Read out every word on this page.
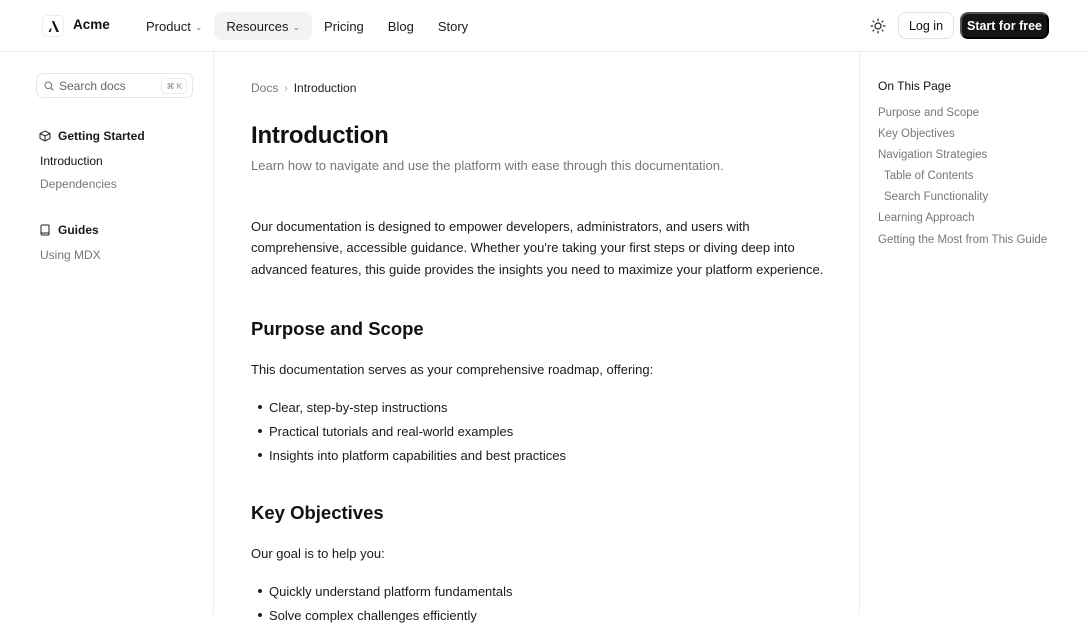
Acme	Product ⌄ Resources ⌄ Pricing Blog Story	Log in	Start for free
Search docs	⌘ K
Getting Started
Introduction
Dependencies
Guides
Using MDX
Docs › Introduction
Introduction

Learn how to navigate and use the platform with ease through this documentation.

Our documentation is designed to empower developers, administrators, and users with comprehensive, accessible guidance. Whether you're taking your first steps or diving deep into advanced features, this guide provides the insights you need to maximize your platform experience.

Purpose and Scope

This documentation serves as your comprehensive roadmap, offering:

Clear, step-by-step instructions
Practical tutorials and real-world examples
Insights into platform capabilities and best practices
Key Objectives

Our goal is to help you:

Quickly understand platform fundamentals
Solve complex challenges efficiently
On This Page
Purpose and Scope
Key Objectives
Navigation Strategies
Table of Contents
Search Functionality
Learning Approach
Getting the Most from This Guide
